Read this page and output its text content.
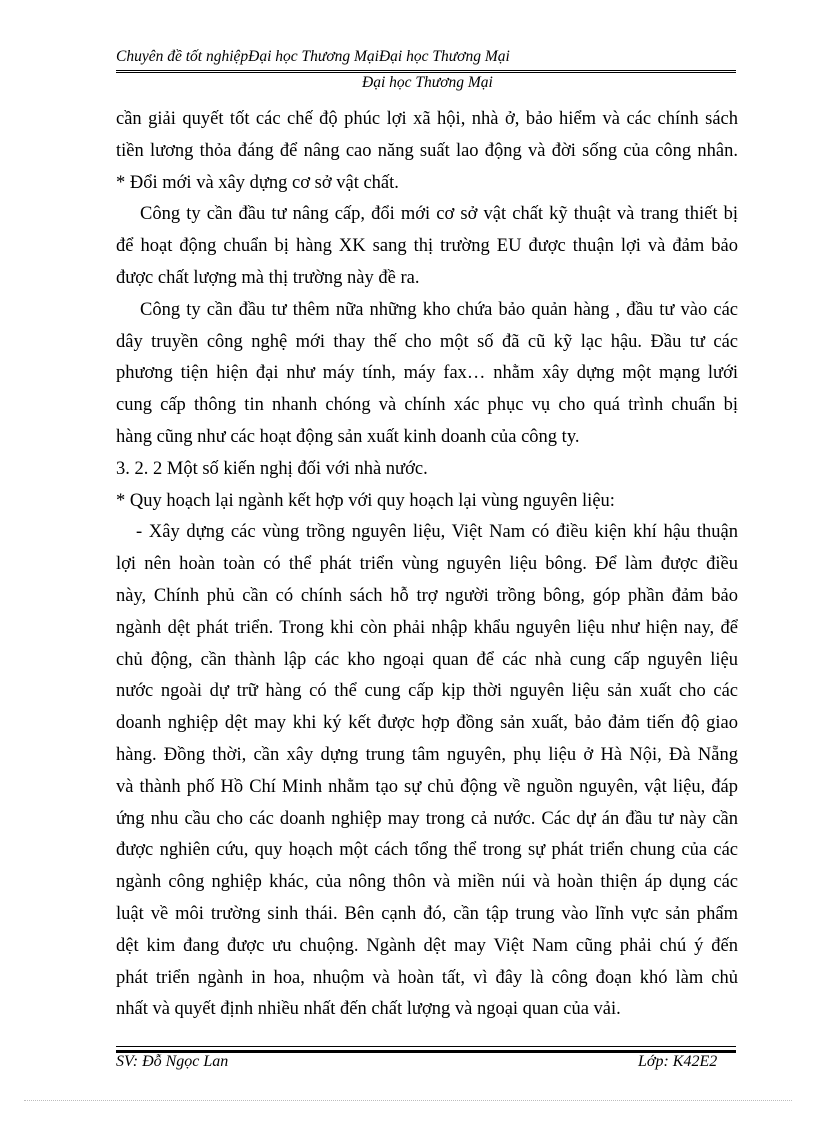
Chuyên đề tốt nghiệpĐại học Thương MạiĐại học Thương Mại
Đại học Thương Mại
cần giải quyết tốt các chế độ phúc lợi xã hội, nhà ở, bảo hiểm và các chính sách
tiền lương thỏa đáng để nâng cao năng suất lao động và đời sống của công nhân.
* Đổi mới và xây dựng cơ sở vật chất.
Công ty cần đầu tư nâng cấp, đổi mới cơ sở vật chất kỹ thuật và trang thiết bị
để hoạt động chuẩn bị hàng XK sang thị trường EU được thuận lợi và đảm bảo
được chất lượng mà thị trường này đề ra.
Công ty cần đầu tư thêm nữa những kho chứa bảo quản hàng , đầu tư vào các
dây truyền công nghệ mới thay thế cho một số đã cũ kỹ lạc hậu. Đầu tư các
phương tiện hiện đại như máy tính, máy fax… nhằm xây dựng một mạng lưới
cung cấp thông tin nhanh chóng và chính xác phục vụ cho quá trình chuẩn bị
hàng cũng như các hoạt động sản xuất kinh doanh của công ty.
3. 2. 2 Một số kiến nghị đối với nhà nước.
* Quy hoạch lại ngành kết hợp với quy hoạch lại vùng nguyên liệu:
- Xây dựng các vùng trồng nguyên liệu, Việt Nam có điều kiện khí hậu thuận
lợi nên hoàn toàn có thể phát triển vùng nguyên liệu bông. Để làm được điều
này, Chính phủ cần có chính sách hỗ trợ người trồng bông, góp phần đảm bảo
ngành dệt phát triển. Trong khi còn phải nhập khẩu nguyên liệu như hiện nay, để
chủ động, cần thành lập các kho ngoại quan để các nhà cung cấp nguyên liệu
nước ngoài dự trữ hàng có thể cung cấp kịp thời nguyên liệu sản xuất cho các
doanh nghiệp dệt may khi ký kết được hợp đồng sản xuất, bảo đảm tiến độ giao
hàng. Đồng thời, cần xây dựng trung tâm nguyên, phụ liệu ở Hà Nội, Đà Nẵng
và thành phố Hồ Chí Minh nhằm tạo sự chủ động về nguồn nguyên, vật liệu, đáp
ứng nhu cầu cho các doanh nghiệp may trong cả nước. Các dự án đầu tư này cần
được nghiên cứu, quy hoạch một cách tổng thể trong sự phát triển chung của các
ngành công nghiệp khác, của nông thôn và miền núi và hoàn thiện áp dụng các
luật về môi trường sinh thái. Bên cạnh đó, cần tập trung vào lĩnh vực sản phẩm
dệt kim đang được ưu chuộng. Ngành dệt may Việt Nam cũng phải chú ý đến
phát triển ngành in hoa, nhuộm và hoàn tất, vì đây là công đoạn khó làm chủ
nhất và quyết định nhiều nhất đến chất lượng và ngoại quan của vải.
SV: Đỗ Ngọc Lan	Lớp: K42E2
